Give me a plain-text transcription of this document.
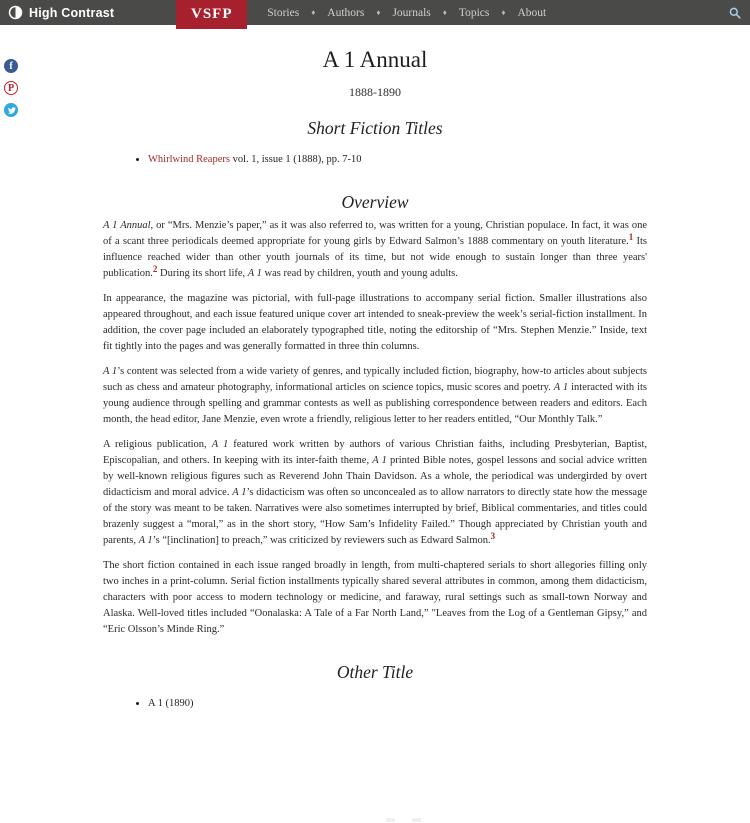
High Contrast	VSFP	Stories	♦	Authors	♦	Journals	♦	Topics	♦	About
f
P
A 1 Annual
1888-1890
Short Fiction Titles
• Whirlwind Reapers vol. 1, issue 1 (1888), pp. 7-10
Overview

A 1 Annual, or “Mrs. Menzie’s paper,” as it was also referred to, was written for a young, Christian populace. In fact, it was one of a scant three periodicals deemed appropriate for young girls by Edward Salmon’s 1888 commentary on youth literature.$^1$ Its influence reached wider than other youth journals of its time, but not wide enough to sustain longer than three years' publication.$^2$ During its short life, A 1 was read by children, youth and young adults.

In appearance, the magazine was pictorial, with full-page illustrations to accompany serial fiction. Smaller illustrations also appeared throughout, and each issue featured unique cover art intended to sneak-preview the week’s serial-fiction installment. In addition, the cover page included an elaborately typographed title, noting the editorship of “Mrs. Stephen Menzie.” Inside, text fit tightly into the pages and was generally formatted in three thin columns.

A 1’s content was selected from a wide variety of genres, and typically included fiction, biography, how-to articles about subjects such as chess and amateur photography, informational articles on science topics, music scores and poetry. A 1 interacted with its young audience through spelling and grammar contests as well as publishing correspondence between readers and editors. Each month, the head editor, Jane Menzie, even wrote a friendly, religious letter to her readers entitled, “Our Monthly Talk.”

A religious publication, A 1 featured work written by authors of various Christian faiths, including Presbyterian, Baptist, Episcopalian, and others. In keeping with its inter-faith theme, A 1 printed Bible notes, gospel lessons and social advice written by well-known religious figures such as Reverend John Thain Davidson. As a whole, the periodical was undergirded by overt didacticism and moral advice. A 1’s didacticism was often so unconcealed as to allow narrators to directly state how the message of the story was meant to be taken. Narratives were also sometimes interrupted by brief, Biblical commentaries, and titles could brazenly suggest a “moral,” as in the short story, “How Sam’s Infidelity Failed.” Though appreciated by Christian youth and parents, A 1’s “[inclination] to preach,” was criticized by reviewers such as Edward Salmon.$^3$

The short fiction contained in each issue ranged broadly in length, from multi-chaptered serials to short allegories filling only two inches in a print-column. Serial fiction installments typically shared several attributes in common, among them didacticism, characters with poor access to modern technology or medicine, and faraway, rural settings such as small-town Norway and Alaska. Well-loved titles included “Oonalaska: A Tale of a Far North Land,” "Leaves from the Log of a Gentleman Gipsy,” and “Eric Olsson’s Minde Ring.”

Other Title
• A 1 (1890)
